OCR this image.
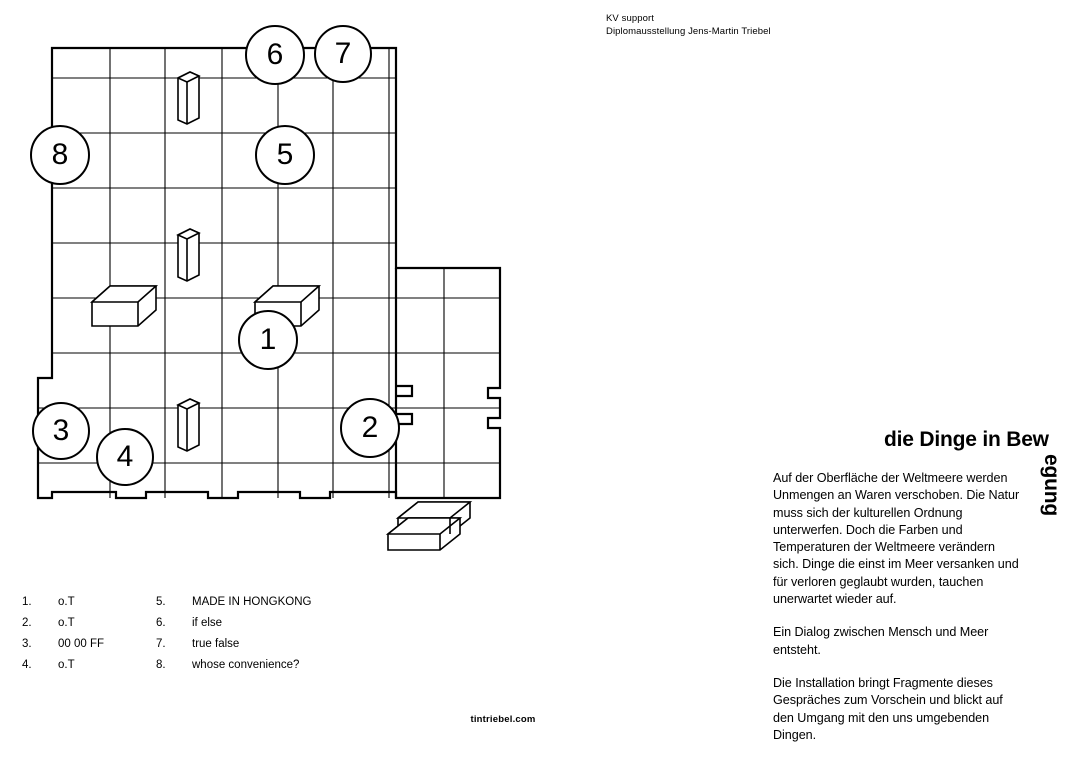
KV support
Diplomausstellung Jens-Martin Triebel
6 7
8	5
1
3
4
2
1.	o.T
2.	o.T
3.	00 00 FF
4.	o.T
5.	MADE IN HONGKONG
6.	if else
7.	true false
8.	whose convenience?
tintriebel.com
die Dinge in Bew
egung

Auf der Oberfläche der Weltmeere werden Unmengen an Waren verschoben. Die Natur muss sich der kulturellen Ordnung unterwerfen. Doch die Farben und Temperaturen der Weltmeere verändern sich. Dinge die einst im Meer versanken und für verloren geglaubt wurden, tauchen unerwartet wieder auf.

Ein Dialog zwischen Mensch und Meer entsteht.

Die Installation bringt Fragmente dieses Gespräches zum Vorschein und blickt auf den Umgang mit den uns umgebenden Dingen.
